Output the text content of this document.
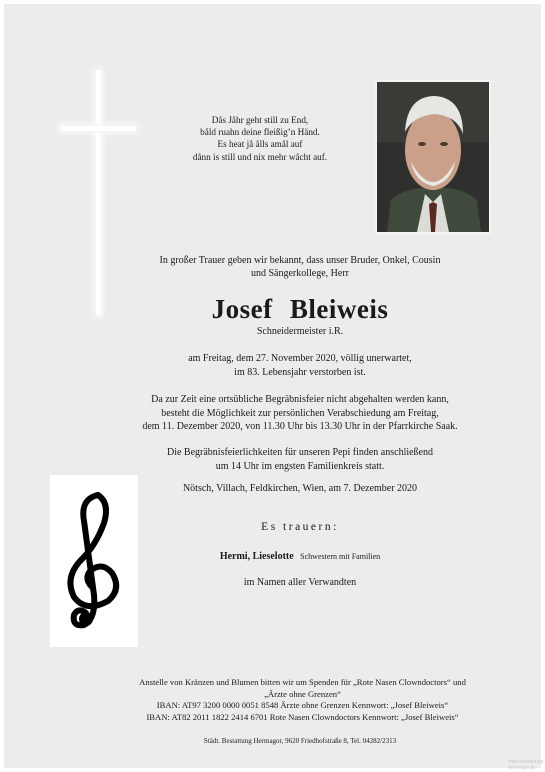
Dås Jåhr geht still zu End,
båld ruahn deine fleißig’n Händ.
Es heat jå ålls amål auf
dånn is still und nix mehr wåcht auf.
In großer Trauer geben wir bekannt, dass unser Bruder, Onkel, Cousin
und Sängerkollege, Herr
Josef Bleiweis
Schneidermeister i.R.
am Freitag, dem 27. November 2020, völlig unerwartet,
im 83. Lebensjahr verstorben ist.
Da zur Zeit eine ortsübliche Begräbnisfeier nicht abgehalten werden kann,
besteht die Möglichkeit zur persönlichen Verabschiedung am Freitag,
dem 11. Dezember 2020, von 11.30 Uhr bis 13.30 Uhr in der Pfarrkirche Saak.
Die Begräbnisfeierlichkeiten für unseren Pepi finden anschließend
um 14 Uhr im engsten Familienkreis statt.
Nötsch, Villach, Feldkirchen, Wien, am 7. Dezember 2020
Es trauern:
Hermi, Lieselotte Schwestern mit Familien
im Namen aller Verwandten
Anstelle von Kränzen und Blumen bitten wir um Spenden für „Rote Nasen Clowndoctors“ und
„Ärzte ohne Grenzen“
IBAN: AT97 3200 0000 0051 8548 Ärzte ohne Grenzen Kennwort: „Josef Bleiweis“
IBAN: AT82 2011 1822 2414 6701 Rote Nasen Clowndoctors Kennwort: „Josef Bleiweis“
Städt. Bestattung Hermagor, 9620 Friedhofstraße 8, Tel. 04282/2313
www.bestattung-hermagor.at
